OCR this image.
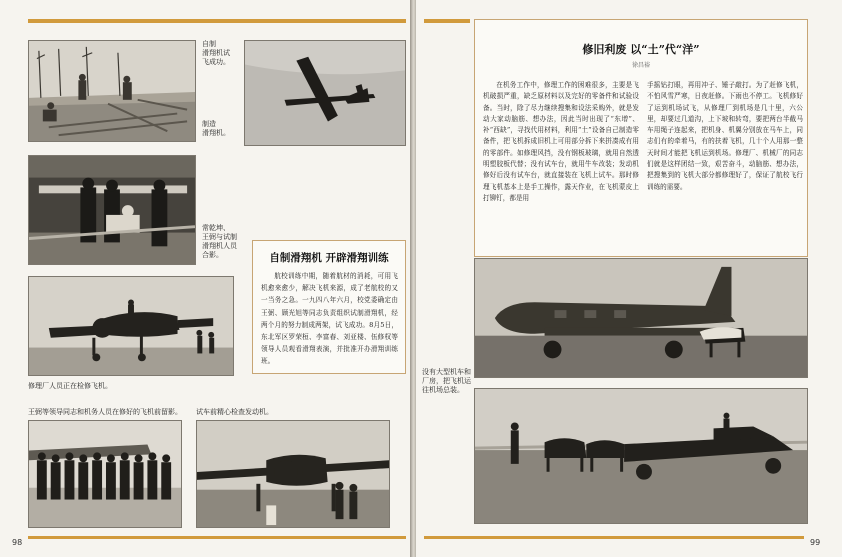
自制
滑翔机试
飞成功。
制造
滑翔机。
常乾坤、
王弼与试制
滑翔机人员
合影。	自制滑翔机 开辟滑翔训练
航校训练中期，随着航材的消耗，可用飞机愈来愈少，解决飞机来源，成了老航校的又一当务之急。一九四八年六月，校党委确定由王弼、顾光旭等同志负责组织试制滑翔机，经两个月的努力制成两架，试飞成功。8月5日，东北军区罗荣桓、李富春、刘亚楼、伍修权等领导人员观看滑翔表演，并批准开办滑翔训练班。
修理厂人员正在检修飞机。
王弼等领导同志和机务人员在修好的飞机前留影。	试车前精心检查发动机。
98
修旧利废 以“土”代“洋”
徐昌裕

在机务工作中，修理工作的困难很多，主要是飞机破损严重，缺乏原材料以及完好的零备件和试验设备。当时，除了尽力继续搜集和设法采购外，就是发动大家动脑筋、想办法，因此当时出现了“东增”、补“西缺”，寻找代用材料，利用“土”设备自己制造零备件，把飞机拆成旧机上可用部分拆下来拼凑成有用的零部件。如修理风挡，没有钢板玻璃，就用自然透明塑胶板代替；没有试车台，就用牛车改装；发动机修好后没有试车台，就直接装在飞机上试车。那时修理飞机基本上是手工操作，露天作业，在飞机蒙皮上打铆钉，都是用

手摇钻打眼，再用冲子、锤子敲打。为了赶修飞机，不怕风雪严寒，日夜赶修。下雨也不停工。飞机修好了运到机场试飞，从修理厂到机场是几十里，六公里，却要过几道沟，上下坡和转弯，要把两台半截马车用绳子连起来，把机身、机翼分别放在马车上，同志们有的牵着马，有的扶着飞机，几十个人用那一整天时间才能把飞机运到机场。修理厂、机械厂的同志们就是这样团结一致，艰苦奋斗，动脑筋、想办法，把搜集到的飞机大部分都修理好了，保证了航校飞行训练的需要。
没有大型机车和
厂房，把飞机运
往机场总装。
99
